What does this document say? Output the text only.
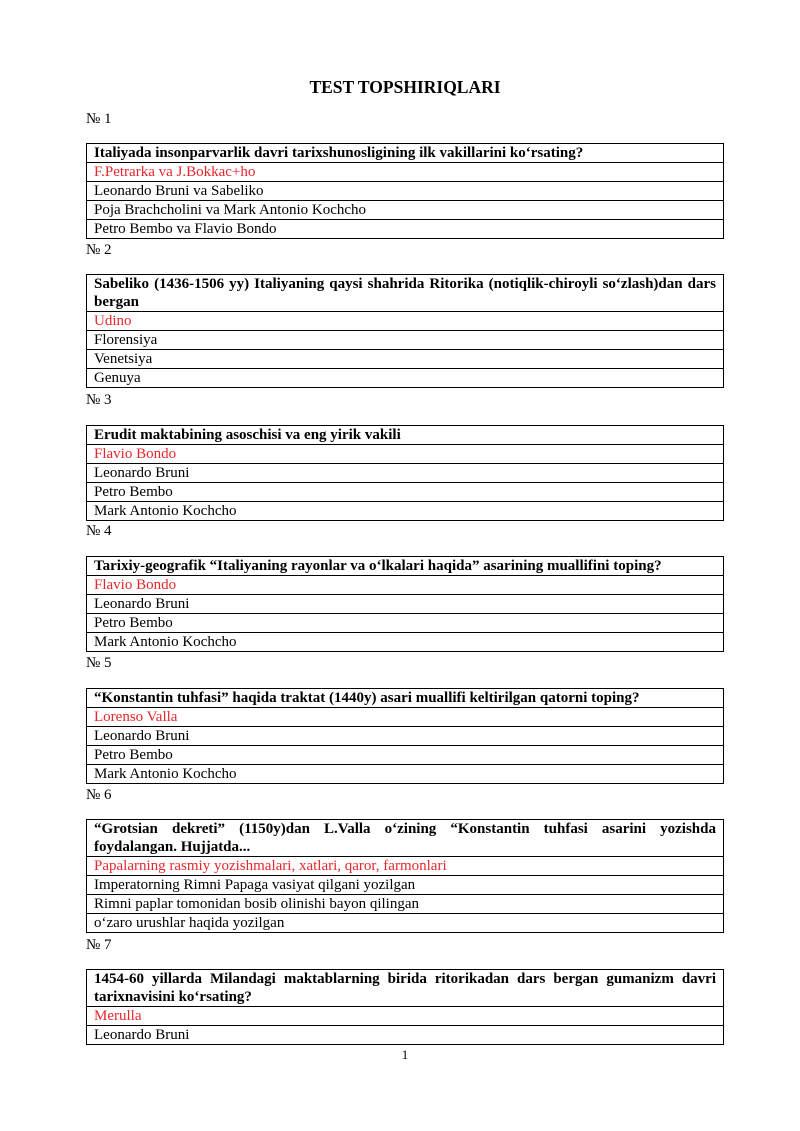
TEST TOPSHIRIQLARI
№ 1
Italiyada insonparvarlik davri tarixshunosligining ilk vakillarini ko‘rsating?
F.Petrarka va J.Bokkac+ho
Leonardo Bruni va Sabeliko
Poja Brachcholini va Mark Antonio Kochcho
Petro Bembo va Flavio Bondo
№ 2
Sabeliko (1436-1506 yy) Italiyaning qaysi shahrida Ritorika (notiqlik-chiroyli so‘zlash)dan dars bergan
Udino
Florensiya
Venetsiya
Genuya
№ 3
Erudit maktabining asoschisi va eng yirik vakili
Flavio Bondo
Leonardo Bruni
Petro Bembo
Mark Antonio Kochcho
№ 4
Tarixiy-geografik “Italiyaning rayonlar va o‘lkalari haqida” asarining muallifini toping?
Flavio Bondo
Leonardo Bruni
Petro Bembo
Mark Antonio Kochcho
№ 5
“Konstantin tuhfasi” haqida traktat (1440y) asari muallifi keltirilgan qatorni toping?
Lorenso Valla
Leonardo Bruni
Petro Bembo
Mark Antonio Kochcho
№ 6
“Grotsian dekreti” (1150y)dan L.Valla o‘zining “Konstantin tuhfasi asarini yozishda foydalangan. Hujjatda...
Papalarning rasmiy yozishmalari, xatlari, qaror, farmonlari
Imperatorning Rimni Papaga vasiyat qilgani yozilgan
Rimni paplar tomonidan bosib olinishi bayon qilingan
o‘zaro urushlar haqida yozilgan
№ 7
1454-60 yillarda Milandagi maktablarning birida ritorikadan dars bergan gumanizm davri tarixnavisini ko‘rsating?
Merulla
Leonardo Bruni
1
